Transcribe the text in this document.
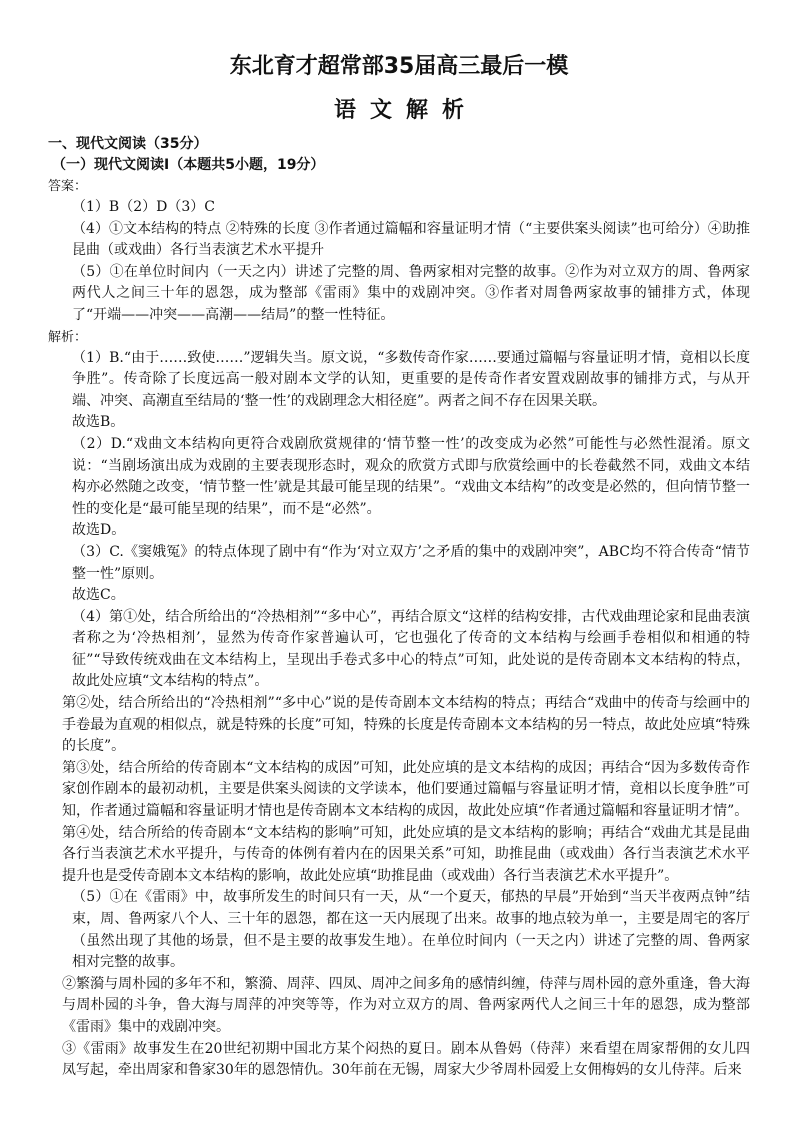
东北育才超常部35届高三最后一模
语文解析
一、现代文阅读（35分）
（一）现代文阅读Ⅰ（本题共5小题，19分）
答案：

（1）B（2）D（3）C

（4）①文本结构的特点 ②特殊的长度 ③作者通过篇幅和容量证明才情（“主要供案头阅读”也可给分）④助推昆曲（或戏曲）各行当表演艺术水平提升

（5）①在单位时间内（一天之内）讲述了完整的周、鲁两家相对完整的故事。②作为对立双方的周、鲁两家两代人之间三十年的恩怨，成为整部《雷雨》集中的戏剧冲突。③作者对周鲁两家故事的铺排方式，体现了“开端——冲突——高潮——结局”的整一性特征。

解析：

（1）B.“由于……致使……”逻辑失当。原文说，“多数传奇作家……要通过篇幅与容量证明才情，竟相以长度争胜”。传奇除了长度远高一般对剧本文学的认知，更重要的是传奇作者安置戏剧故事的铺排方式，与从开端、冲突、高潮直至结局的‘整一性’的戏剧理念大相径庭”。两者之间不存在因果关联。

故选B。

（2）D.“戏曲文本结构向更符合戏剧欣赏规律的‘情节整一性’的改变成为必然”可能性与必然性混淆。原文说：“当剧场演出成为戏剧的主要表现形态时，观众的欣赏方式即与欣赏绘画中的长卷截然不同，戏曲文本结构亦必然随之改变，‘情节整一性’就是其最可能呈现的结果”。“戏曲文本结构”的改变是必然的，但向情节整一性的变化是“最可能呈现的结果”，而不是“必然”。

故选D。

（3）C.《窦娥冤》的特点体现了剧中有“作为‘对立双方’之矛盾的集中的戏剧冲突”，ABC均不符合传奇“情节整一性”原则。

故选C。

（4）第①处，结合所给出的“冷热相剂”“多中心”，再结合原文“这样的结构安排，古代戏曲理论家和昆曲表演者称之为‘冷热相剂’，显然为传奇作家普遍认可，它也强化了传奇的文本结构与绘画手卷相似和相通的特征”“导致传统戏曲在文本结构上，呈现出手卷式多中心的特点”可知，此处说的是传奇剧本文本结构的特点，故此处应填“文本结构的特点”。

第②处，结合所给出的“冷热相剂”“多中心”说的是传奇剧本文本结构的特点；再结合“戏曲中的传奇与绘画中的手卷最为直观的相似点，就是特殊的长度”可知，特殊的长度是传奇剧本文本结构的另一特点，故此处应填“特殊的长度”。

第③处，结合所给的传奇剧本“文本结构的成因”可知，此处应填的是文本结构的成因；再结合“因为多数传奇作家创作剧本的最初动机，主要是供案头阅读的文学读本，他们要通过篇幅与容量证明才情，竟相以长度争胜”可知，作者通过篇幅和容量证明才情也是传奇剧本文本结构的成因，故此处应填“作者通过篇幅和容量证明才情”。

第④处，结合所给的传奇剧本“文本结构的影响”可知，此处应填的是文本结构的影响；再结合“戏曲尤其是昆曲各行当表演艺术水平提升，与传奇的体例有着内在的因果关系”可知，助推昆曲（或戏曲）各行当表演艺术水平提升也是受传奇剧本文本结构的影响，故此处应填“助推昆曲（或戏曲）各行当表演艺术水平提升”。

（5）①在《雷雨》中，故事所发生的时间只有一天，从“一个夏天，郁热的早晨”开始到“当天半夜两点钟”结束，周、鲁两家八个人、三十年的恩怨，都在这一天内展现了出来。故事的地点较为单一，主要是周宅的客厅（虽然出现了其他的场景，但不是主要的故事发生地）。在单位时间内（一天之内）讲述了完整的周、鲁两家相对完整的故事。

②繁漪与周朴园的多年不和，繁漪、周萍、四凤、周冲之间多角的感情纠缠，侍萍与周朴园的意外重逢，鲁大海与周朴园的斗争，鲁大海与周萍的冲突等等，作为对立双方的周、鲁两家两代人之间三十年的恩怨，成为整部《雷雨》集中的戏剧冲突。

③《雷雨》故事发生在20世纪初期中国北方某个闷热的夏日。剧本从鲁妈（侍萍）来看望在周家帮佣的女儿四凤写起，牵出周家和鲁家30年的恩怨情仇。30年前在无锡，周家大少爷周朴园爱上女佣梅妈的女儿侍萍。后来
